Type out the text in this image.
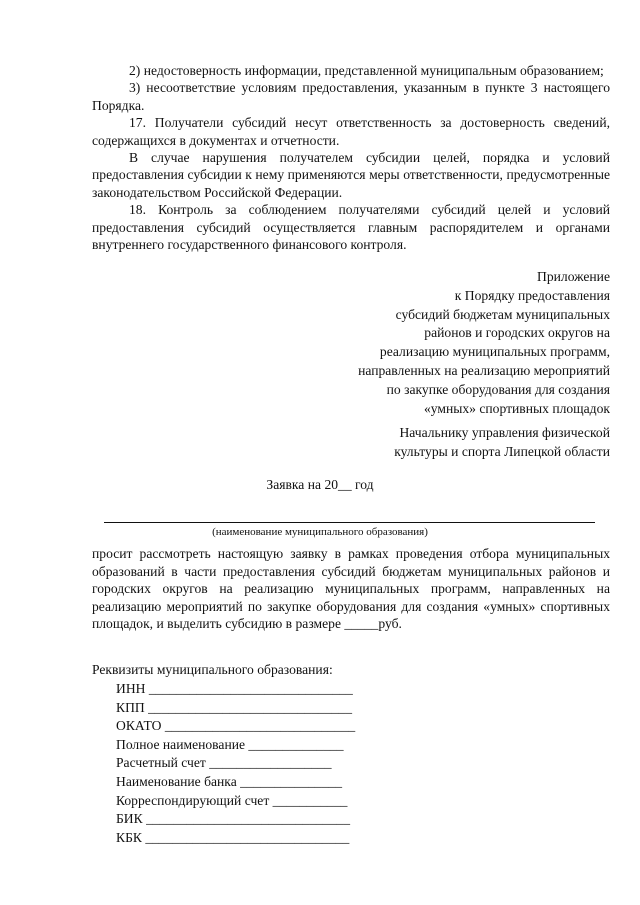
2) недостоверность информации, представленной муниципальным образованием;

3) несоответствие условиям предоставления, указанным в пункте 3 настоящего Порядка.

17. Получатели субсидий несут ответственность за достоверность сведений, содержащихся в документах и отчетности.

В случае нарушения получателем субсидии целей, порядка и условий предоставления субсидии к нему применяются меры ответственности, предусмотренные законодательством Российской Федерации.

18. Контроль за соблюдением получателями субсидий целей и условий предоставления субсидий осуществляется главным распорядителем и органами внутреннего государственного финансового контроля.

Приложение
к Порядку предоставления
субсидий бюджетам муниципальных
районов и городских округов на
реализацию муниципальных программ,
направленных на реализацию мероприятий
по закупке оборудования для создания
«умных» спортивных площадок
Начальнику управления физической
культуры и спорта Липецкой области
Заявка на 20__ год
(наименование муниципального образования)

просит рассмотреть настоящую заявку в рамках проведения отбора муниципальных образований в части предоставления субсидий бюджетам муниципальных районов и городских округов на реализацию муниципальных программ, направленных на реализацию мероприятий по закупке оборудования для создания «умных» спортивных площадок, и выделить субсидию в размере _____руб.

Реквизиты муниципального образования:
ИНН ______________________________
КПП ______________________________
ОКАТО ____________________________
Полное наименование ______________
Расчетный счет __________________
Наименование банка _______________
Корреспондирующий счет ___________
БИК ______________________________
КБК ______________________________
